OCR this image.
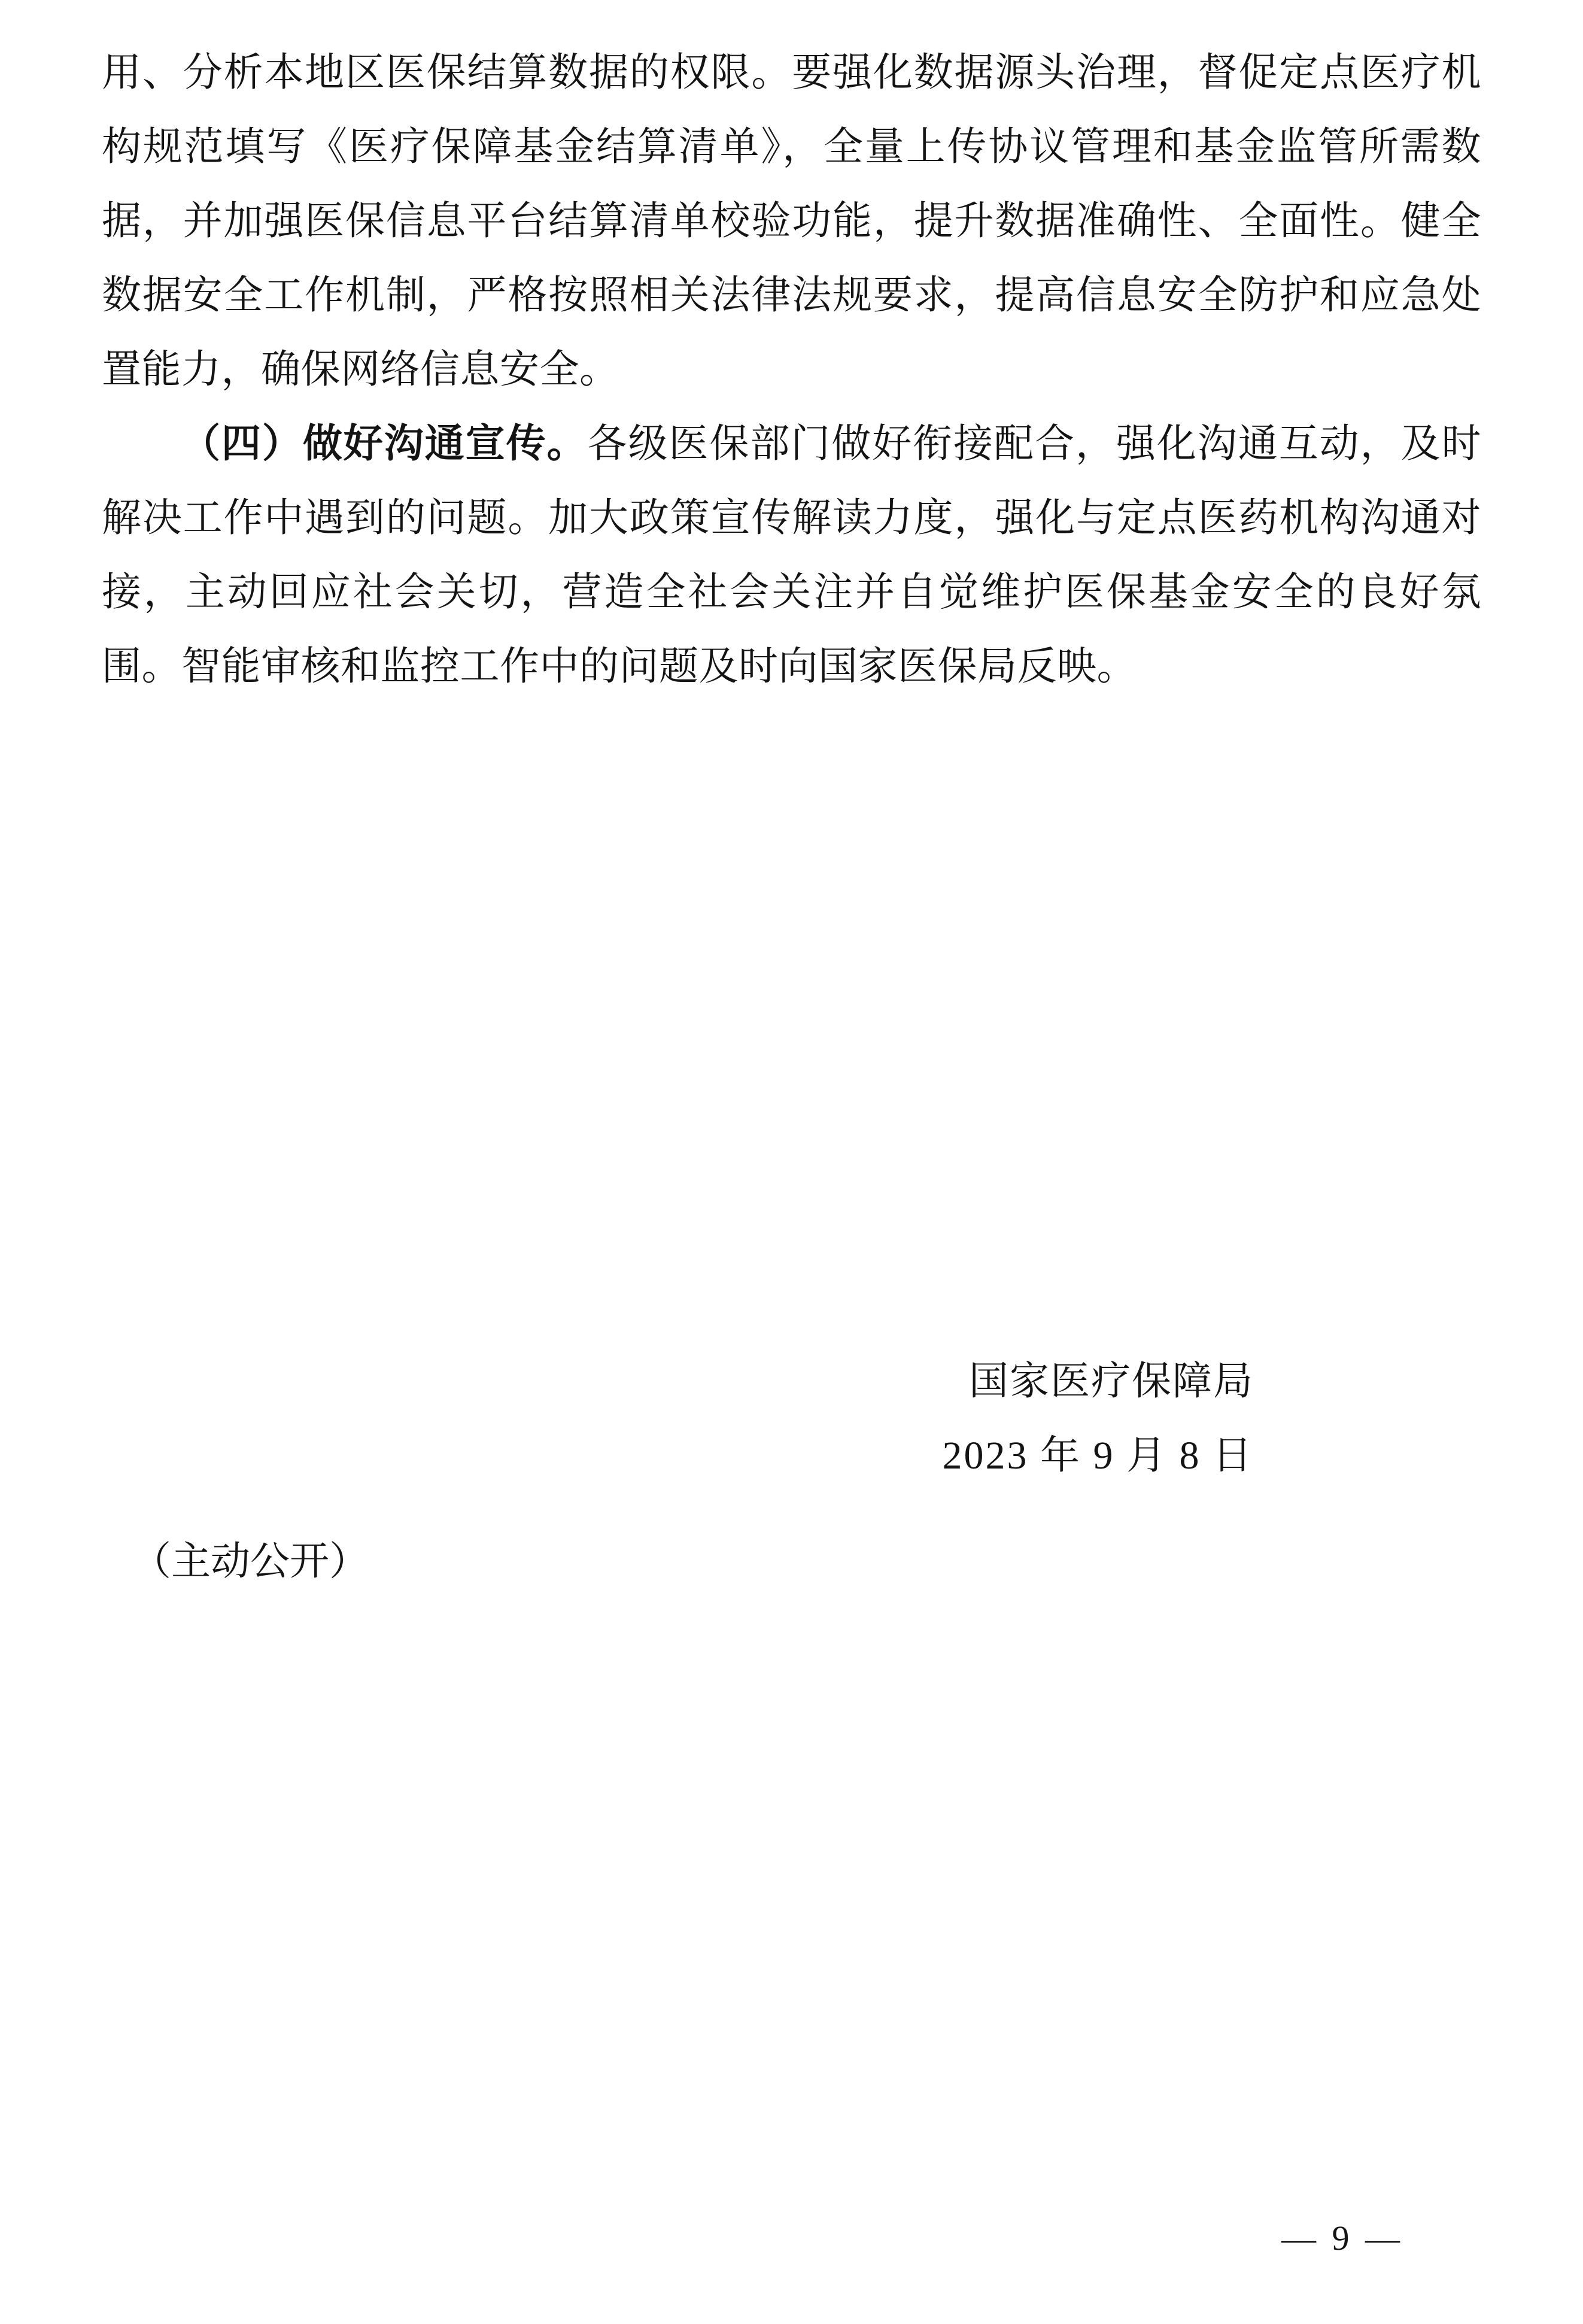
用、分析本地区医保结算数据的权限。要强化数据源头治理，督促定点医疗机构规范填写《医疗保障基金结算清单》，全量上传协议管理和基金监管所需数据，并加强医保信息平台结算清单校验功能，提升数据准确性、全面性。健全数据安全工作机制，严格按照相关法律法规要求，提高信息安全防护和应急处置能力，确保网络信息安全。

（四）做好沟通宣传。各级医保部门做好衔接配合，强化沟通互动，及时解决工作中遇到的问题。加大政策宣传解读力度，强化与定点医药机构沟通对接，主动回应社会关切，营造全社会关注并自觉维护医保基金安全的良好氛围。智能审核和监控工作中的问题及时向国家医保局反映。

国家医疗保障局
2023 年 9 月 8 日
（主动公开）
— 9 —
